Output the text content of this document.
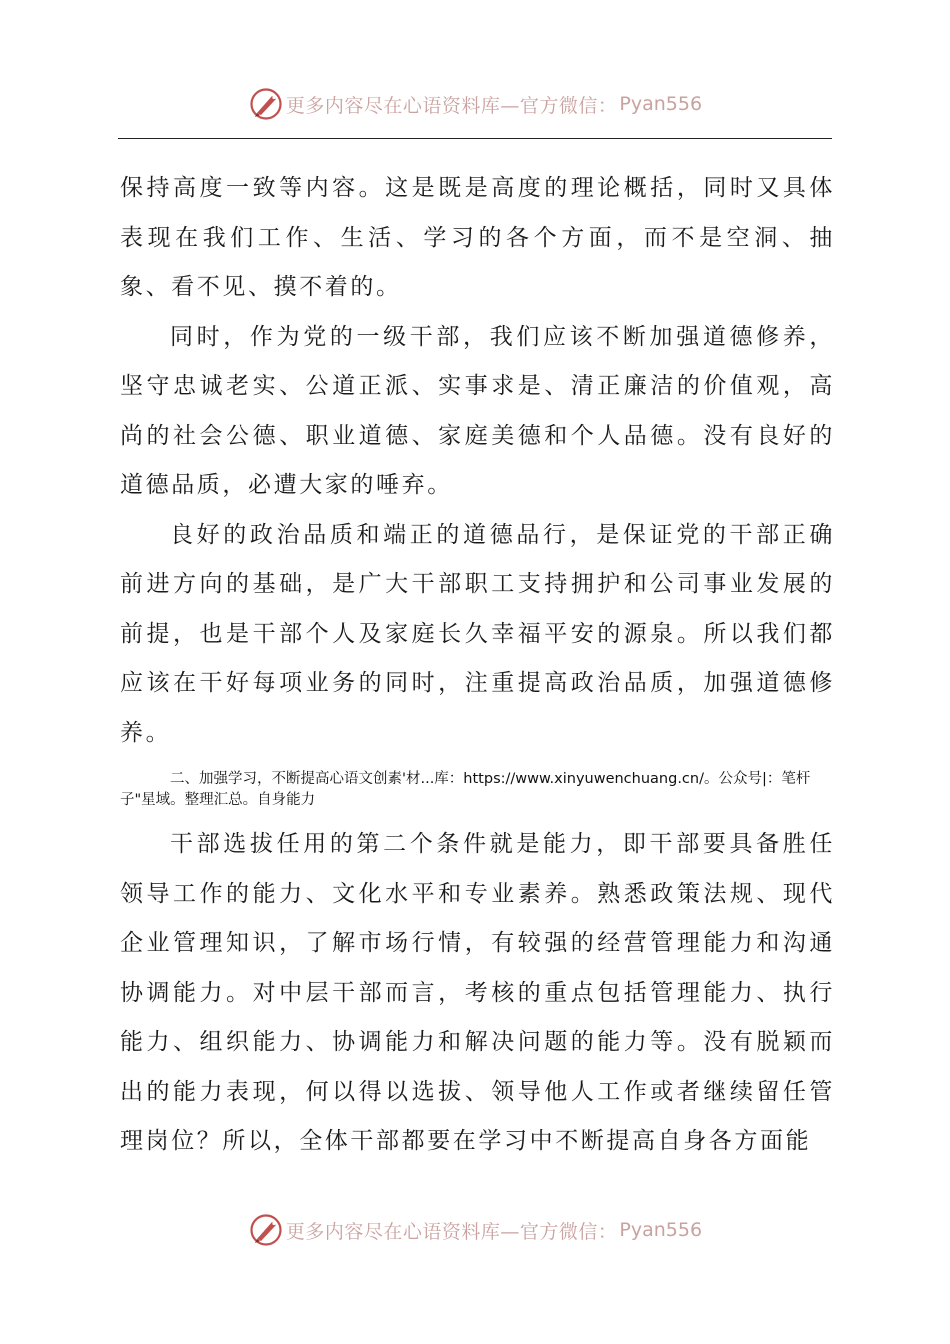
更多内容尽在心语资料库—官方微信： Pyan556

保持高度一致等内容。这是既是高度的理论概括，同时又具体表现在我们工作、生活、学习的各个方面，而不是空洞、抽象、看不见、摸不着的。

同时，作为党的一级干部，我们应该不断加强道德修养，坚守忠诚老实、公道正派、实事求是、清正廉洁的价值观，高尚的社会公德、职业道德、家庭美德和个人品德。没有良好的道德品质，必遭大家的唾弃。

良好的政治品质和端正的道德品行，是保证党的干部正确前进方向的基础，是广大干部职工支持拥护和公司事业发展的前提，也是干部个人及家庭长久幸福平安的源泉。所以我们都应该在干好每项业务的同时，注重提高政治品质，加强道德修养。

二、加强学习，不断提高心语文创素'材...库：https://www.xinyuwenchuang.cn/。公众号|：笔杆子"星域。整理汇总。自身能力

干部选拔任用的第二个条件就是能力，即干部要具备胜任领导工作的能力、文化水平和专业素养。熟悉政策法规、现代企业管理知识，了解市场行情，有较强的经营管理能力和沟通协调能力。对中层干部而言，考核的重点包括管理能力、执行能力、组织能力、协调能力和解决问题的能力等。没有脱颖而出的能力表现，何以得以选拔、领导他人工作或者继续留任管理岗位？所以，全体干部都要在学习中不断提高自身各方面能

更多内容尽在心语资料库—官方微信： Pyan556
